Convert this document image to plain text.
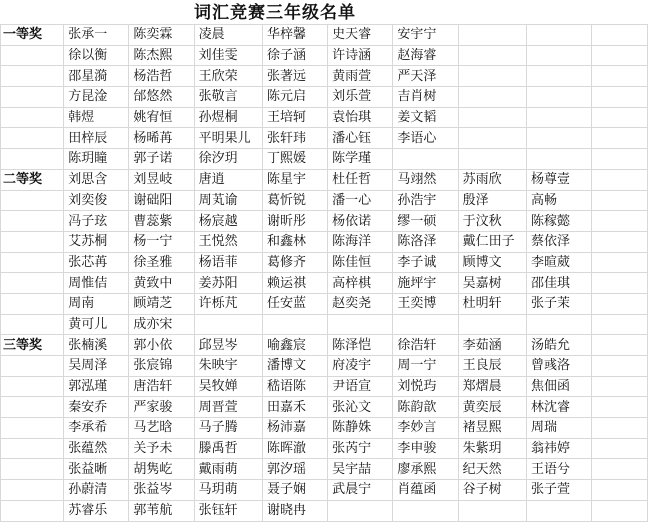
词汇竞赛三年级名单
一等奖	张承一	陈奕霖	凌晨	华梓馨	史天睿	安宇宁			
	徐以衡	陈杰熙	刘佳雯	徐子涵	许诗涵	赵海睿			
	邵星漪	杨浩哲	王欣荣	张著远	黄雨萱	严天泽			
	方昆淦	邰悠然	张敬言	陈元启	刘乐萱	吉肖树			
	韩煜	姚宥恒	孙煜桐	王培轲	袁怡琪	姜文韬			
	田梓辰	杨晞苒	平明果儿	张轩玮	潘心钰	李语心			
	陈玥瞳	郭子诺	徐汐玥	丁熙媛	陈学瑾				
二等奖	刘思含	刘昱岐	唐逍	陈星宇	杜任哲	马翊然	苏雨欣	杨尊壹	
	刘奕俊	谢础阳	周芄谕	葛忻锐	潘一心	孙浩宇	殷泽	高畅	
	冯子玹	曹蕊紫	杨宸越	谢昕彤	杨依诺	缪一硕	于汶秋	陈稼懿	
	艾苏桐	杨一宁	王悦然	和鑫林	陈海洋	陈洛泽	戴仁田子	蔡依泽	
	张芯苒	徐圣雅	杨语菲	葛修齐	陈佳恒	李子诚	顾博文	李暄葳	
	周惟佶	黄致中	姜苏阳	赖运祺	高梓棋	施坪宇	吴嘉树	邵佳琪	
	周南	顾靖芝	许栎芃	任安蓝	赵奕尧	王奕博	杜明轩	张子茉	
	黄可儿	成亦宋							
三等奖	张楠溪	郭小依	邱昱岑	喻鑫宸	陈泽恺	徐浩轩	李茹涵	汤皓允	
	吴周泽	张宸锦	朱映宇	潘博文	府凌宇	周一宁	王良辰	曾彧洛	
	郭泓瑾	唐浩轩	吴牧婵	嵇语陈	尹语宣	刘悦玙	郑熠晨	焦佃函	
	秦安乔	严家骏	周晋萱	田嘉禾	张沁文	陈韵歆	黄奕辰	林沈睿	
	李承希	马艺晗	马子腾	杨沛嘉	陈静姝	李妙言	褚昱熙	周瑞	
	张蕴然	关予未	滕禹哲	陈晖澈	张芮宁	李申骏	朱紫玥	翁祎婷	
	张益晰	胡隽屹	戴雨萌	郭汐瑶	吴宇喆	廖承熙	纪天然	王语兮	
	孙蔚清	张益岑	马玥萌	聂子娴	武晨宁	肖蕴函	谷子树	张子萱	
	苏睿乐	郭苇航	张钰轩	谢晓冉					
